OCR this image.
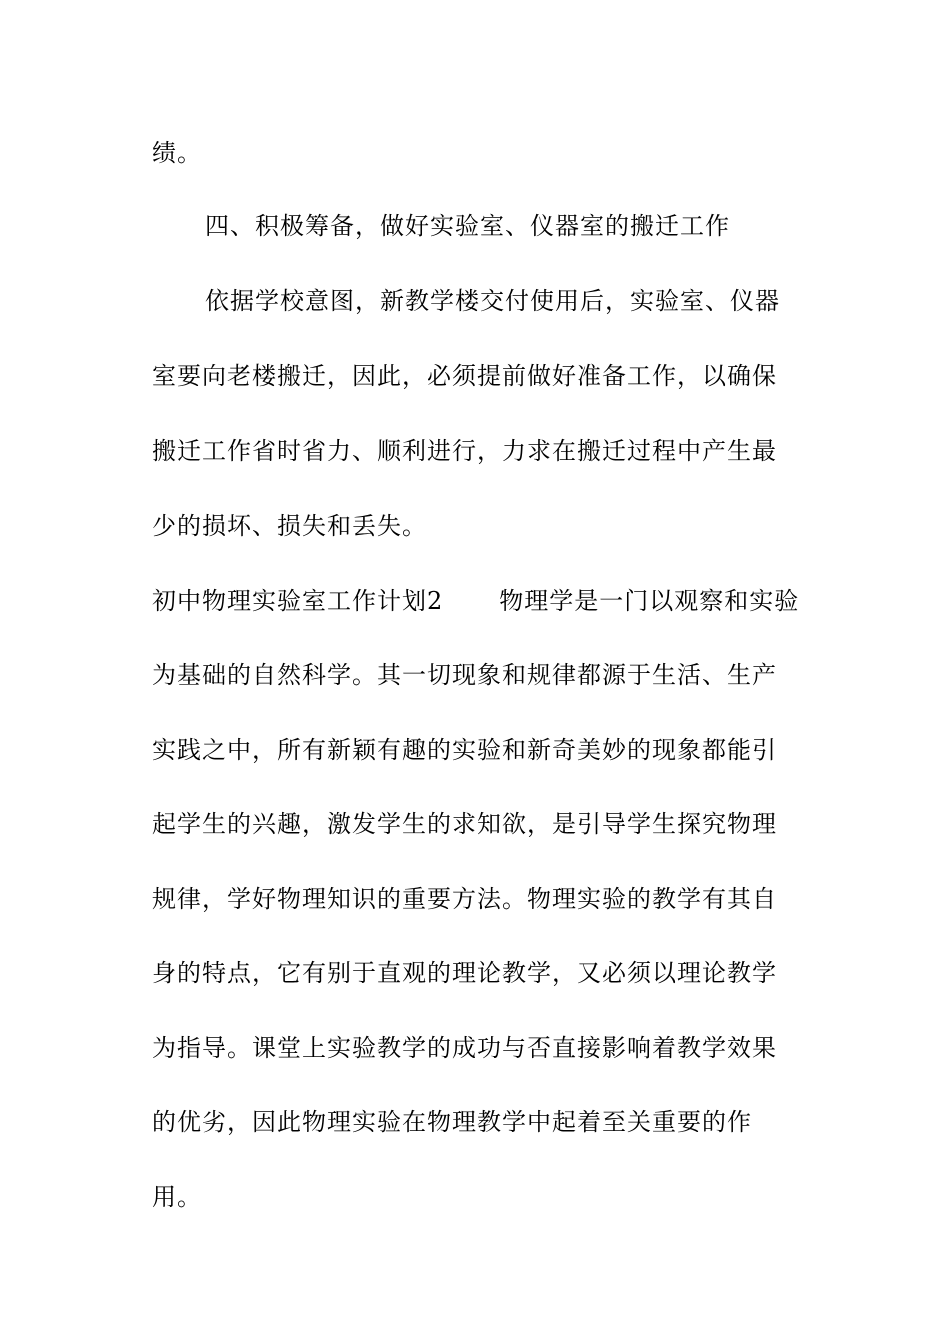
绩。
四、积极筹备，做好实验室、仪器室的搬迁工作
依据学校意图，新教学楼交付使用后，实验室、仪器
室要向老楼搬迁，因此，必须提前做好准备工作，以确保
搬迁工作省时省力、顺利进行，力求在搬迁过程中产生最
少的损坏、损失和丢失。
初中物理实验室工作计划2 物理学是一门以观察和实验
为基础的自然科学。其一切现象和规律都源于生活、生产
实践之中，所有新颖有趣的实验和新奇美妙的现象都能引
起学生的兴趣，激发学生的求知欲，是引导学生探究物理
规律，学好物理知识的重要方法。物理实验的教学有其自
身的特点，它有别于直观的理论教学，又必须以理论教学
为指导。课堂上实验教学的成功与否直接影响着教学效果
的优劣，因此物理实验在物理教学中起着至关重要的作
用。
